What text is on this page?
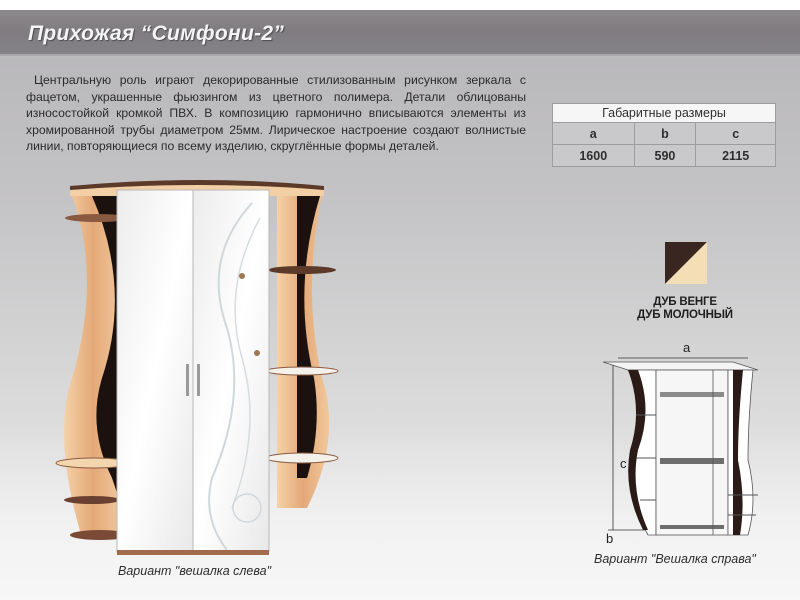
Прихожая “Симфони-2”

Центральную роль играют декорированные стилизованным рисунком зеркала с фацетом, украшенные фьюзингом из цветного полимера. Детали облицованы износостойкой кромкой ПВХ. В композицию гармонично вписываются элементы из хромированной трубы диаметром 25мм. Лирическое настроение создают волнистые линии, повторяющиеся по всему изделию, скруглённые формы деталей.

Габаритные размеры		
a	b	c
1600	590	2115
ДУБ ВЕНГЕ
ДУБ МОЛОЧНЫЙ
Вариант "вешалка слева"
a
c
b
Вариант "Вешалка справа"
